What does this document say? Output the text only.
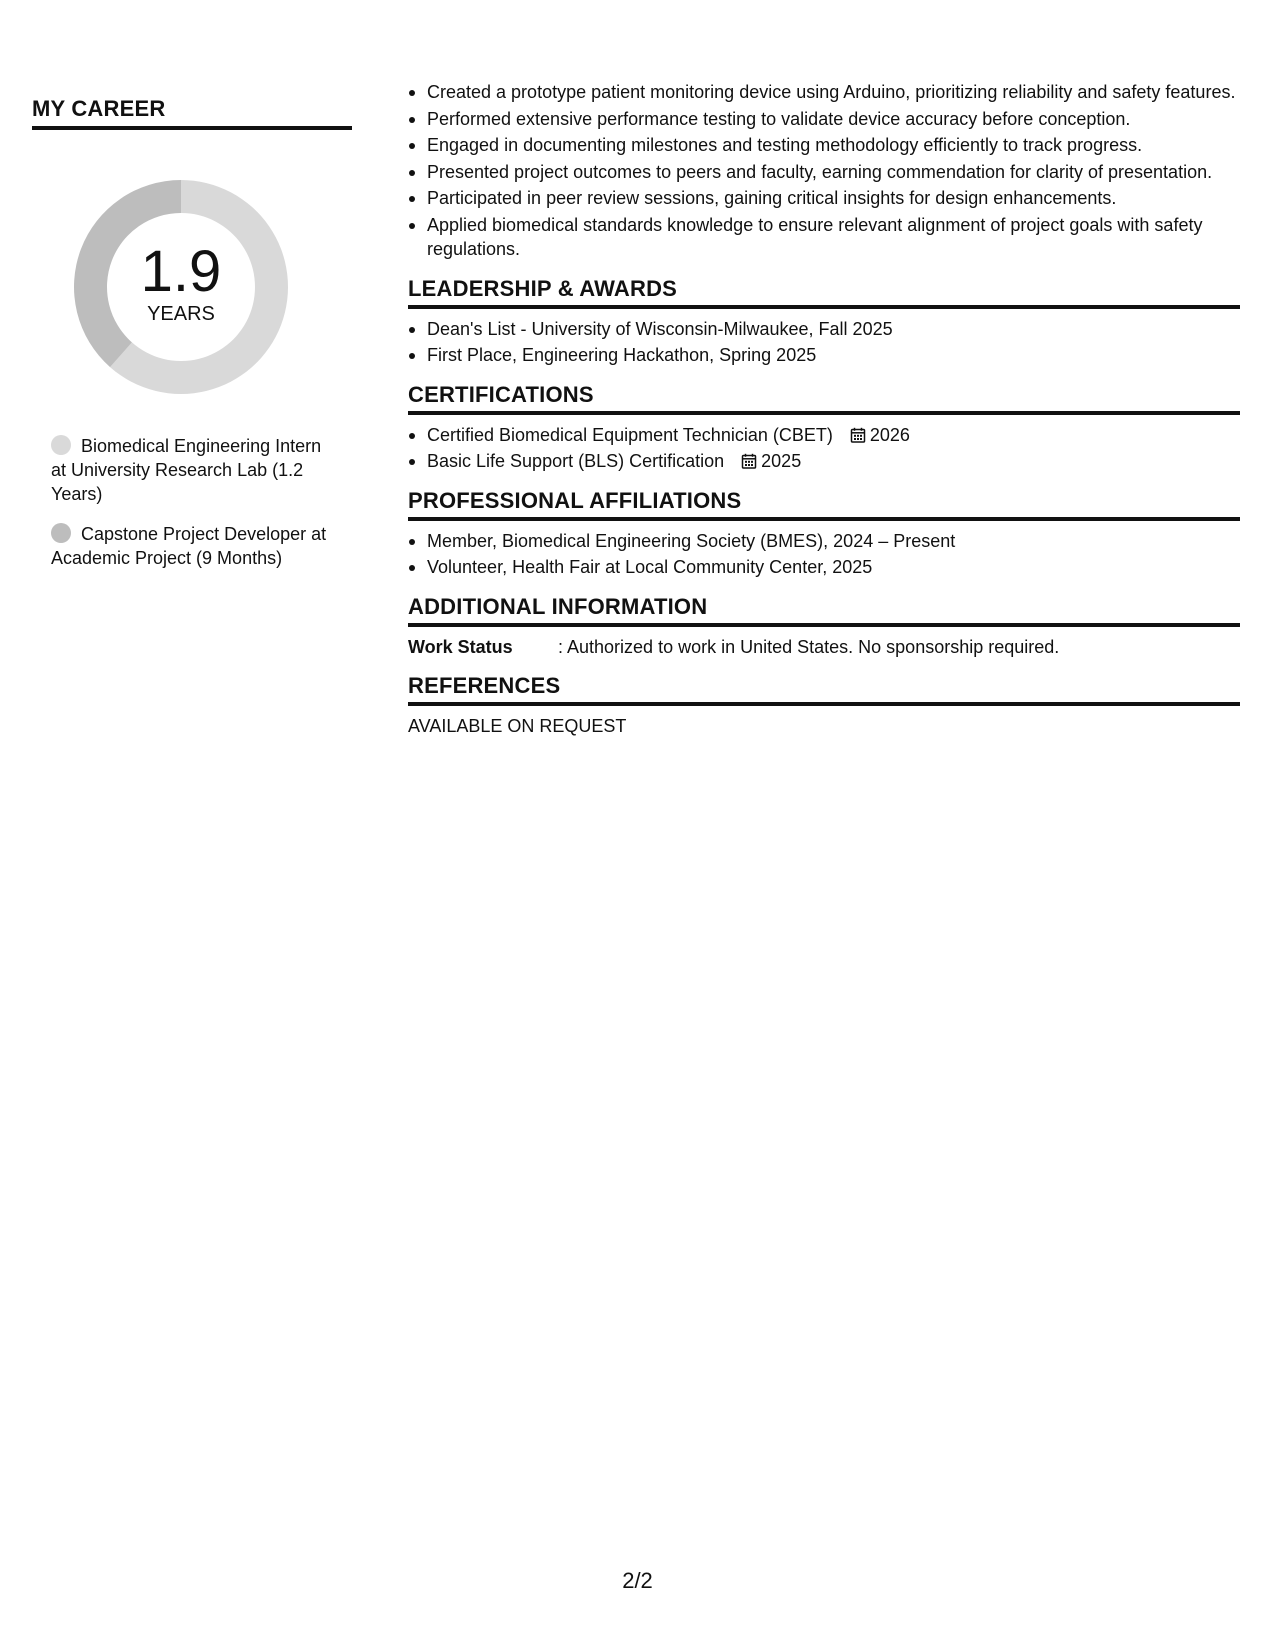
MY CAREER
1.9
YEARS
Biomedical Engineering Intern at University Research Lab (1.2 Years)
Capstone Project Developer at Academic Project (9 Months)
Created a prototype patient monitoring device using Arduino, prioritizing reliability and safety features.
Performed extensive performance testing to validate device accuracy before conception.
Engaged in documenting milestones and testing methodology efficiently to track progress.
Presented project outcomes to peers and faculty, earning commendation for clarity of presentation.
Participated in peer review sessions, gaining critical insights for design enhancements.
Applied biomedical standards knowledge to ensure relevant alignment of project goals with safety regulations.
LEADERSHIP & AWARDS
Dean's List - University of Wisconsin-Milwaukee, Fall 2025
First Place, Engineering Hackathon, Spring 2025
CERTIFICATIONS
Certified Biomedical Equipment Technician (CBET) 2026
Basic Life Support (BLS) Certification 2025
PROFESSIONAL AFFILIATIONS
Member, Biomedical Engineering Society (BMES), 2024 – Present
Volunteer, Health Fair at Local Community Center, 2025
ADDITIONAL INFORMATION
Work Status	: Authorized to work in United States. No sponsorship required.
REFERENCES
AVAILABLE ON REQUEST
2/2
